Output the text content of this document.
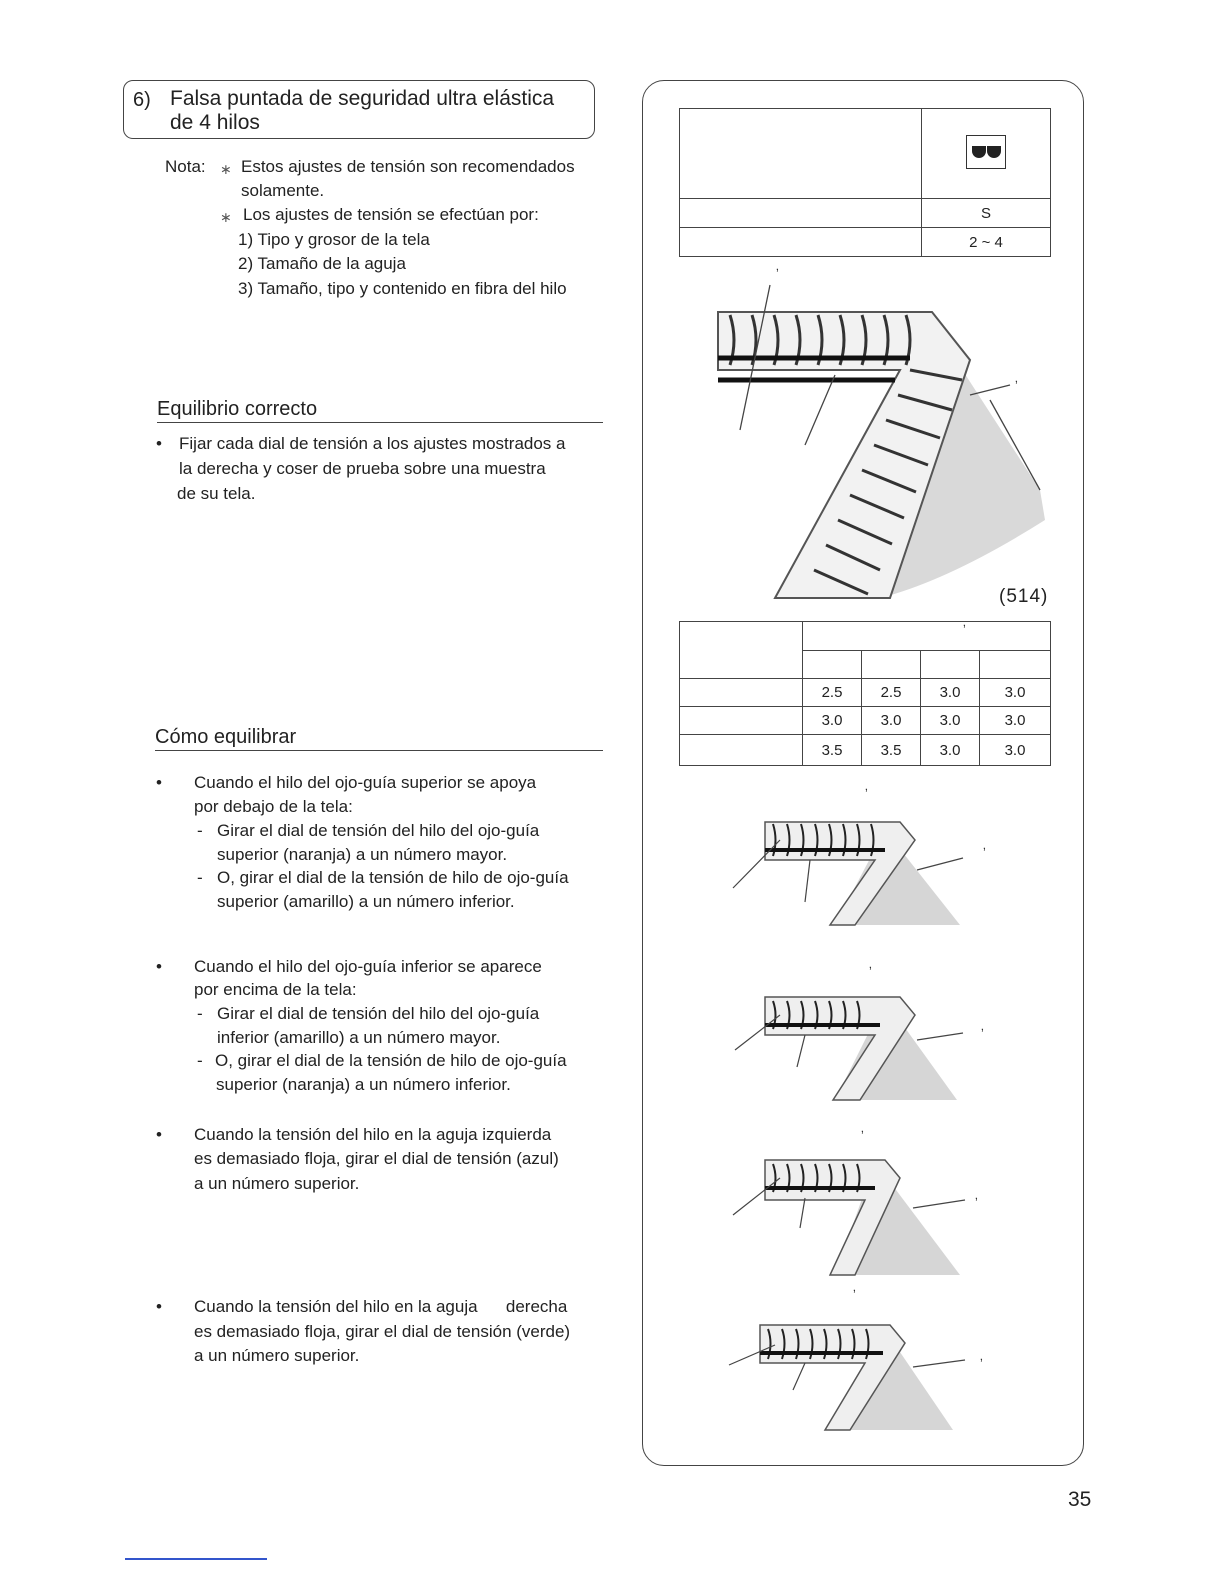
6) Falsa puntada de seguridad ultra elástica
de 4 hilos
Nota: ∗ Estos ajustes de tensión son recomendados
solamente.
∗ Los ajustes de tensión se efectúan por:
1) Tipo y grosor de la tela
2) Tamaño de la aguja
3) Tamaño, tipo y contenido en fibra del hilo
Equilibrio correcto
• Fijar cada dial de tensión a los ajustes mostrados a
la derecha y coser de prueba sobre una muestra
de su tela.
Cómo equilibrar
• Cuando el hilo del ojo-guía superior se apoya
por debajo de la tela:
- Girar el dial de tensión del hilo del ojo-guía
superior (naranja) a un número mayor.
- O, girar el dial de la tensión de hilo de ojo-guía
superior (amarillo) a un número inferior.
• Cuando el hilo del ojo-guía inferior se aparece
por encima de la tela:
- Girar el dial de tensión del hilo del ojo-guía
inferior (amarillo) a un número mayor.
- O, girar el dial de la tensión de hilo de ojo-guía
superior (naranja) a un número inferior.
• Cuando la tensión del hilo en la aguja izquierda
es demasiado floja, girar el dial de tensión (azul)
a un número superior.
• Cuando la tensión del hilo en la aguja      derecha
es demasiado floja, girar el dial de tensión (verde)
a un número superior.

	S
	2 ~ 4
ʼ
ʼ
(514)

	ʼ			

	2.5	2.5	3.0	3.0
	3.0	3.0	3.0	3.0
	3.5	3.5	3.0	3.0
ʼ
ʼ
ʼ
ʼ
ʼ
ʼ
ʼ
ʼ
35
